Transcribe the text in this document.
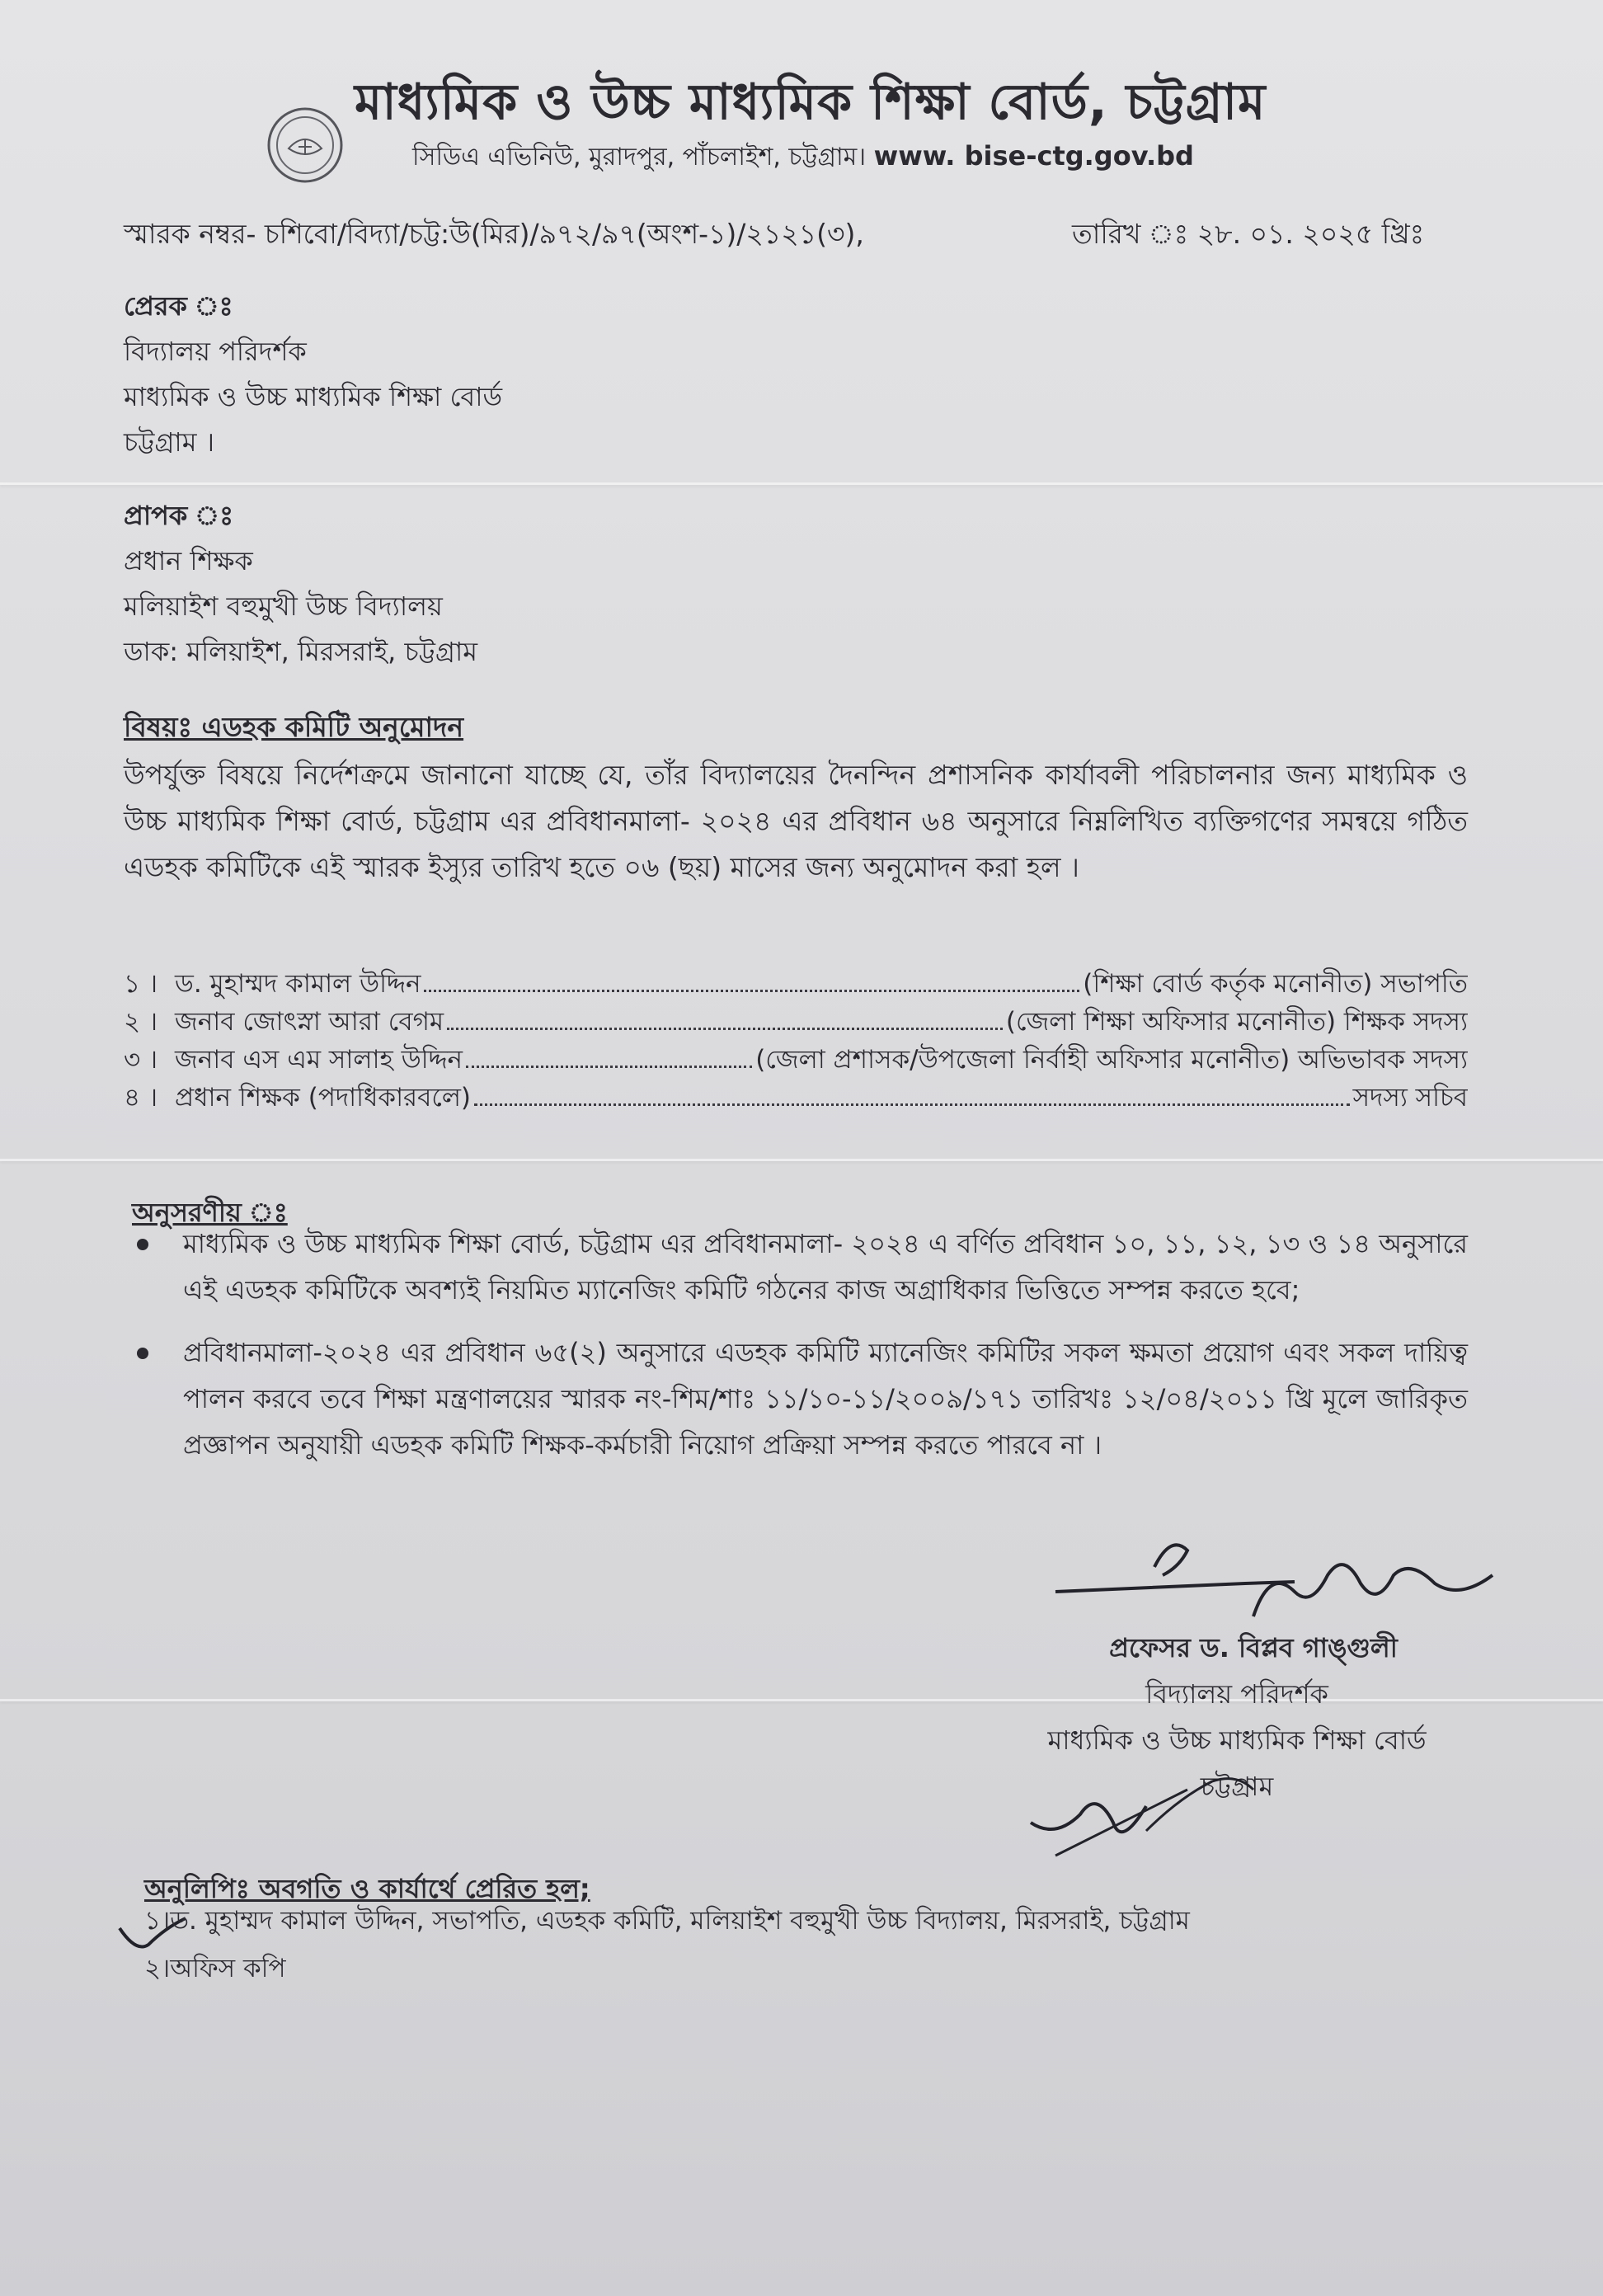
মাধ্যমিক ও উচ্চ মাধ্যমিক শিক্ষা বোর্ড, চট্টগ্রাম
সিডিএ এভিনিউ, মুরাদপুর, পাঁচলাইশ, চট্টগ্রাম। www. bise-ctg.gov.bd
স্মারক নম্বর- চশিবো/বিদ্যা/চট্ট:উ(মির)/৯৭২/৯৭(অংশ-১)/২১২১(৩),	তারিখ ঃ ২৮. ০১. ২০২৫ খ্রিঃ
প্রেরক ঃ
বিদ্যালয় পরিদর্শক
মাধ্যমিক ও উচ্চ মাধ্যমিক শিক্ষা বোর্ড
চট্টগ্রাম ।
প্রাপক ঃ
প্রধান শিক্ষক
মলিয়াইশ বহুমুখী উচ্চ বিদ্যালয়
ডাক: মলিয়াইশ, মিরসরাই, চট্টগ্রাম
বিষয়ঃ এডহক কমিটি অনুমোদন
উপর্যুক্ত বিষয়ে নির্দেশক্রমে জানানো যাচ্ছে যে, তাঁর বিদ্যালয়ের দৈনন্দিন প্রশাসনিক কার্যাবলী পরিচালনার জন্য মাধ্যমিক ও উচ্চ মাধ্যমিক শিক্ষা বোর্ড, চট্টগ্রাম এর প্রবিধানমালা- ২০২৪ এর প্রবিধান ৬৪ অনুসারে নিম্নলিখিত ব্যক্তিগণের সমন্বয়ে গঠিত এডহক কমিটিকে এই স্মারক ইস্যুর তারিখ হতে ০৬ (ছয়) মাসের জন্য অনুমোদন করা হল ।
১ । ড. মুহাম্মদ কামাল উদ্দিন	(শিক্ষা বোর্ড কর্তৃক মনোনীত) সভাপতি
২ । জনাব জোৎস্না আরা বেগম	(জেলা শিক্ষা অফিসার মনোনীত) শিক্ষক সদস্য
৩ । জনাব এস এম সালাহ উদ্দিন	(জেলা প্রশাসক/উপজেলা নির্বাহী অফিসার মনোনীত) অভিভাবক সদস্য
৪ । প্রধান শিক্ষক (পদাধিকারবলে)	সদস্য সচিব
অনুসরণীয় ঃ
মাধ্যমিক ও উচ্চ মাধ্যমিক শিক্ষা বোর্ড, চট্টগ্রাম এর প্রবিধানমালা- ২০২৪ এ বর্ণিত প্রবিধান ১০, ১১, ১২, ১৩ ও ১৪ অনুসারে এই এডহক কমিটিকে অবশ্যই নিয়মিত ম্যানেজিং কমিটি গঠনের কাজ অগ্রাধিকার ভিত্তিতে সম্পন্ন করতে হবে;
প্রবিধানমালা-২০২৪ এর প্রবিধান ৬৫(২) অনুসারে এডহক কমিটি ম্যানেজিং কমিটির সকল ক্ষমতা প্রয়োগ এবং সকল দায়িত্ব পালন করবে তবে শিক্ষা মন্ত্রণালয়ের স্মারক নং-শিম/শাঃ ১১/১০-১১/২০০৯/১৭১ তারিখঃ ১২/০৪/২০১১ খ্রি মূলে জারিকৃত প্রজ্ঞাপন অনুযায়ী এডহক কমিটি শিক্ষক-কর্মচারী নিয়োগ প্রক্রিয়া সম্পন্ন করতে পারবে না ।
প্রফেসর ড. বিপ্লব গাঙ্গুলী
বিদ্যালয় পরিদর্শক
মাধ্যমিক ও উচ্চ মাধ্যমিক শিক্ষা বোর্ড
চট্টগ্রাম
অনুলিপিঃ অবগতি ও কার্যার্থে প্রেরিত হল;
১।ড. মুহাম্মদ কামাল উদ্দিন, সভাপতি, এডহক কমিটি, মলিয়াইশ বহুমুখী উচ্চ বিদ্যালয়, মিরসরাই, চট্টগ্রাম
২।অফিস কপি
